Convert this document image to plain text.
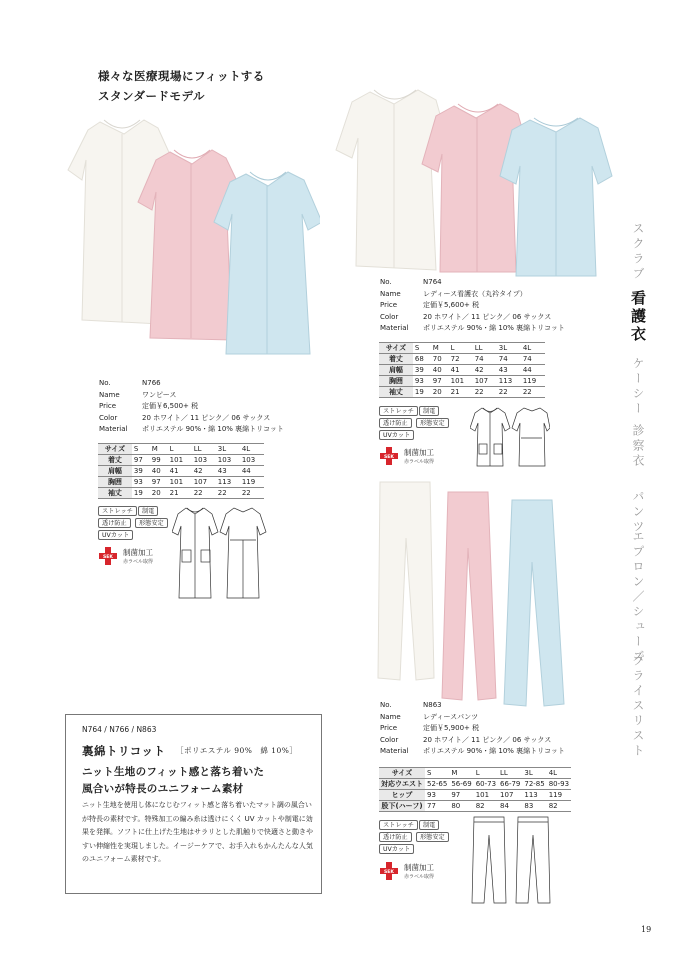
様々な医療現場にフィットする
スタンダードモデル
No.	N766
Name	ワンピース
Price	定価￥6,500+ 税
Color	20 ホワイト／ 11 ピンク／ 06 サックス
Material	ポリエステル 90%・綿 10% 裏綿トリコット
サイズ	S	M	L	LL	3L	4L
着丈	97	99	101	103	103	103
肩幅	39	40	41	42	43	44
胸囲	93	97	101	107	113	119
袖丈	19	20	21	22	22	22
ストレッチ	制電
透け防止	形態安定
UVカット
SEK
制菌加工
赤ラベル取得
No.	N764
Name	レディース看護衣（丸衿タイプ）
Price	定価￥5,600+ 税
Color	20 ホワイト／ 11 ピンク／ 06 サックス
Material	ポリエステル 90%・綿 10% 裏綿トリコット
サイズ	S	M	L	LL	3L	4L
着丈	68	70	72	74	74	74
肩幅	39	40	41	42	43	44
胸囲	93	97	101	107	113	119
袖丈	19	20	21	22	22	22
ストレッチ	制電
透け防止	形態安定
UVカット
SEK
制菌加工
赤ラベル取得
No.	N863
Name	レディースパンツ
Price	定価￥5,900+ 税
Color	20 ホワイト／ 11 ピンク／ 06 サックス
Material	ポリエステル 90%・綿 10% 裏綿トリコット
サイズ	S	M	L	LL	3L	4L
対応ウエスト	52-65	56-69	60-73	66-79	72-85	80-93
ヒップ	93	97	101	107	113	119
股下(ハーフ)	77	80	82	84	83	82
ストレッチ	制電
透け防止	形態安定
UVカット
SEK
制菌加工
赤ラベル取得
N764 / N766 / N863
裏綿トリコット ［ポリエステル 90%　綿 10%］
ニット生地のフィット感と落ち着いた
風合いが特長のユニフォーム素材
ニット生地を使用し体になじむフィット感と落ち着いたマット調の風合いが特長の素材です。特殊加工の編み糸は透けにくく UV カットや制電に効果を発揮。ソフトに仕上げた生地はサラリとした肌触りで快適さと動きやすい伸縮性を実現しました。イージーケアで、お手入れもかんたんな人気のユニフォーム素材です。
スクラブ
看護衣
ケーシー
診察衣
パンツ
エプロン／シューズ
プライスリスト
19
